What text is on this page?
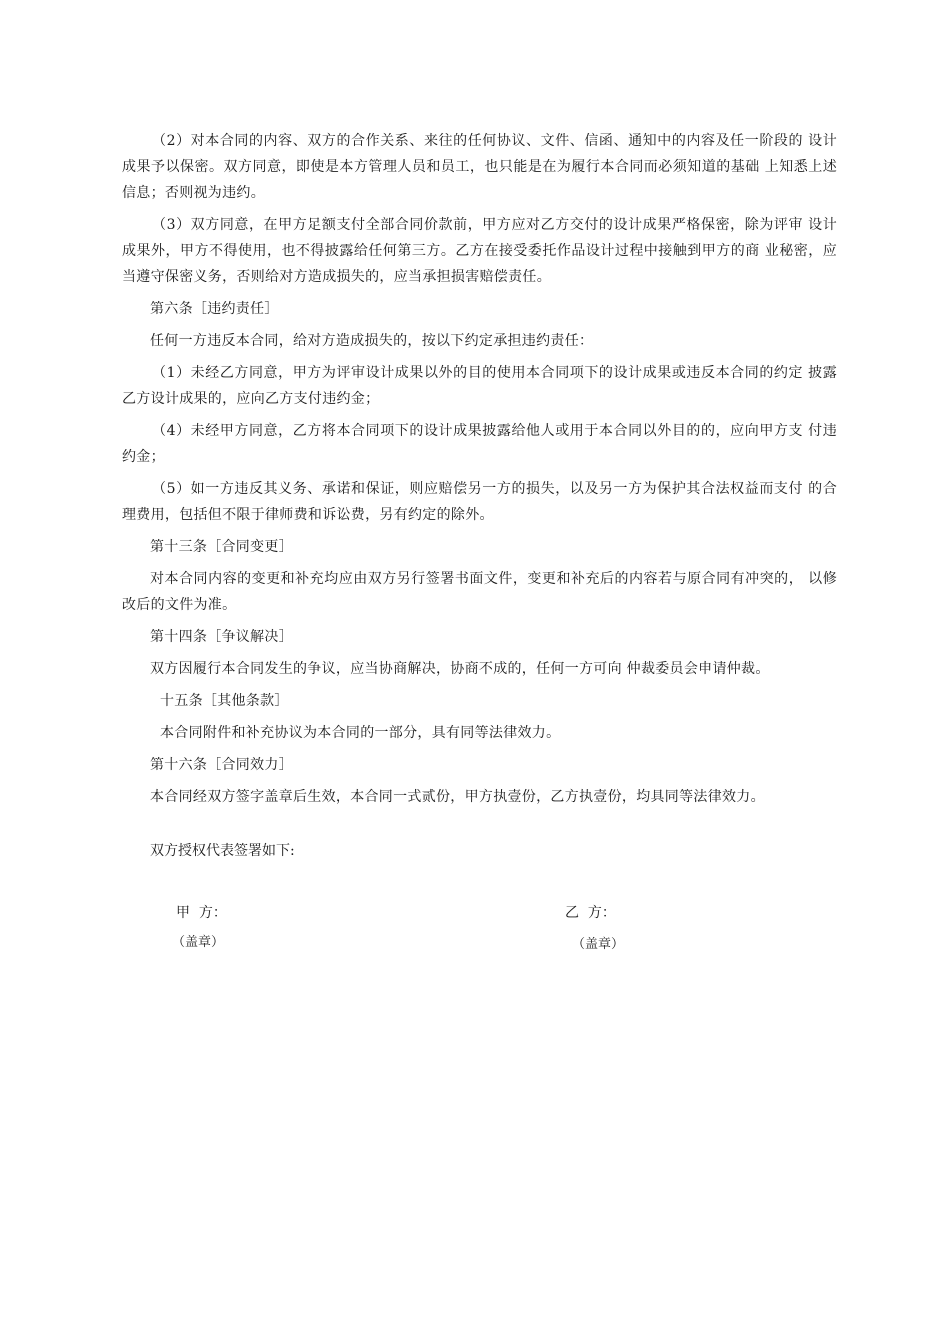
（2）对本合同的内容、双方的合作关系、来往的任何协议、文件、信函、通知中的内容及任一阶段的 设计成果予以保密。双方同意，即使是本方管理人员和员工，也只能是在为履行本合同而必须知道的基础 上知悉上述信息；否则视为违约。

（3）双方同意，在甲方足额支付全部合同价款前，甲方应对乙方交付的设计成果严格保密，除为评审 设计成果外，甲方不得使用，也不得披露给任何第三方。乙方在接受委托作品设计过程中接触到甲方的商 业秘密，应当遵守保密义务，否则给对方造成损失的，应当承担损害赔偿责任。

第六条［违约责任］

任何一方违反本合同，给对方造成损失的，按以下约定承担违约责任：

（1）未经乙方同意，甲方为评审设计成果以外的目的使用本合同项下的设计成果或违反本合同的约定 披露乙方设计成果的，应向乙方支付违约金；

（4）未经甲方同意，乙方将本合同项下的设计成果披露给他人或用于本合同以外目的的，应向甲方支 付违约金；

（5）如一方违反其义务、承诺和保证，则应赔偿另一方的损失，以及另一方为保护其合法权益而支付 的合理费用，包括但不限于律师费和诉讼费，另有约定的除外。

第十三条［合同变更］

对本合同内容的变更和补充均应由双方另行签署书面文件，变更和补充后的内容若与原合同有冲突的， 以修改后的文件为准。

第十四条［争议解决］

双方因履行本合同发生的争议，应当协商解决，协商不成的，任何一方可向 仲裁委员会申请仲裁。

十五条［其他条款］

本合同附件和补充协议为本合同的一部分，具有同等法律效力。

第十六条［合同效力］

本合同经双方签字盖章后生效，本合同一式贰份，甲方执壹份，乙方执壹份，均具同等法律效力。

双方授权代表签署如下:
甲  方：	乙  方：
（盖章）	（盖章）
